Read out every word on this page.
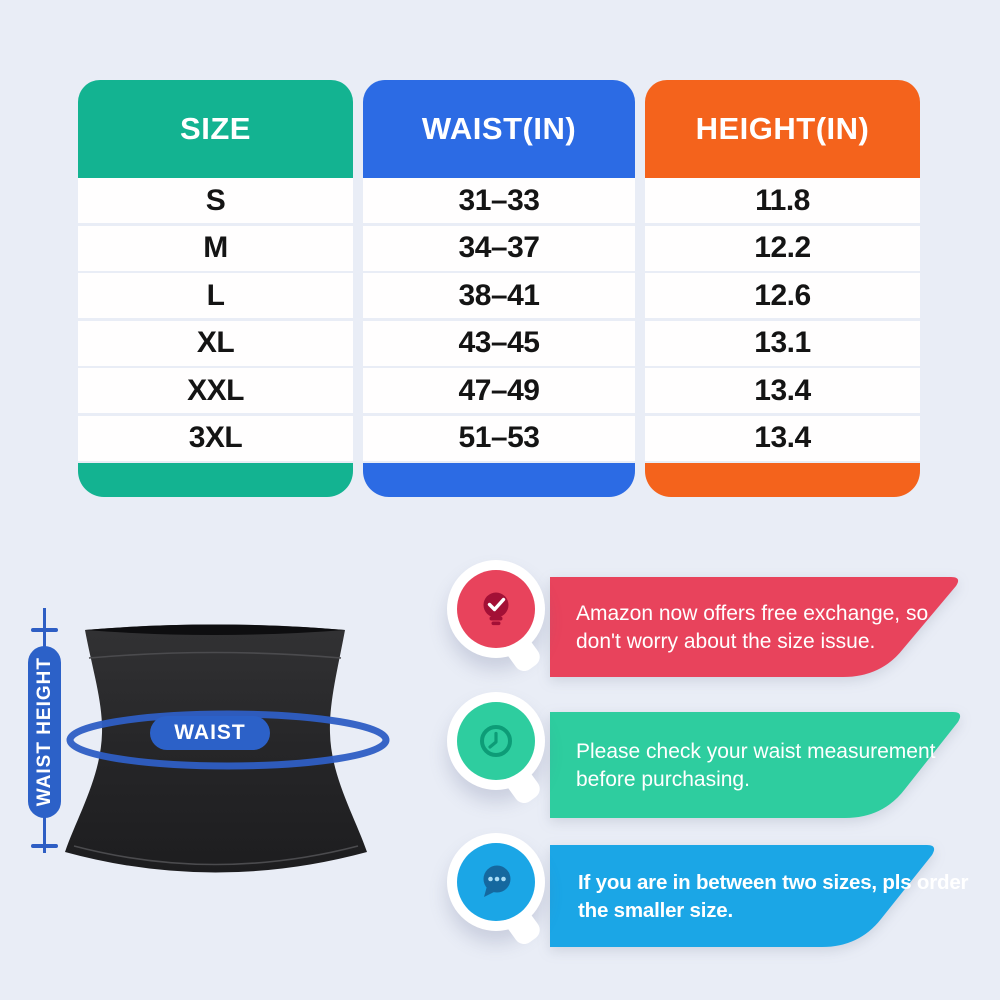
SIZE
S
M
L
XL
XXL
3XL
WAIST(IN)
31–33
34–37
38–41
43–45
47–49
51–53
HEIGHT(IN)
11.8
12.2
12.6
13.1
13.4
13.4
WAIST HEIGHT	WAIST
Amazon now offers free exchange, so
don't worry about the size issue.
Please check your waist measurement
before purchasing.
If you are in between two sizes, pls order
the smaller size.
